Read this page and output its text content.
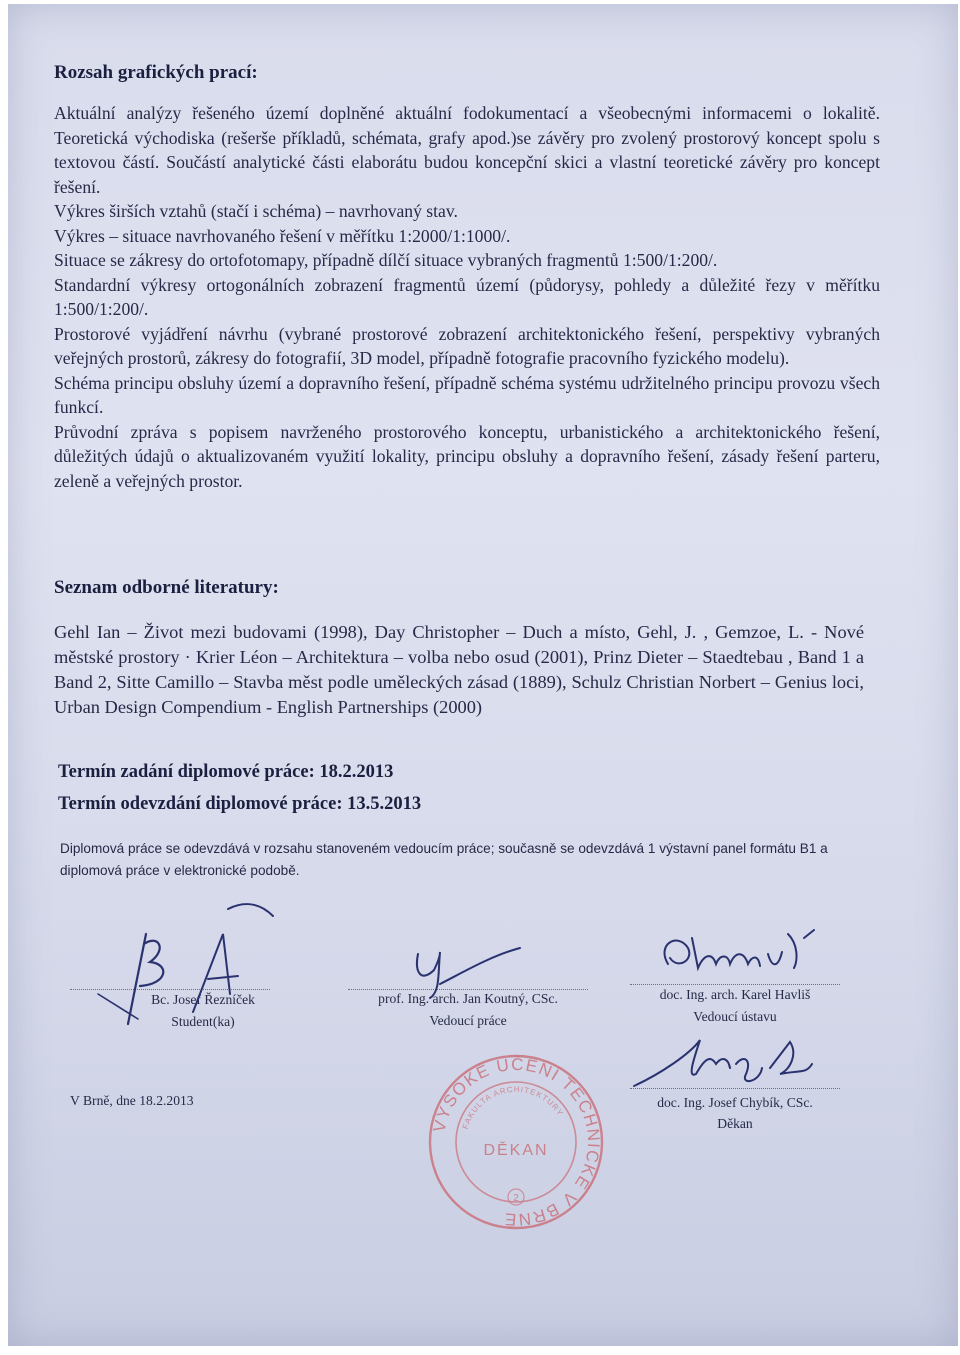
Rozsah grafických prací:

Aktuální analýzy řešeného území doplněné aktuální fodokumentací a všeobecnými informacemi o lokalitě. Teoretická východiska (rešerše příkladů, schémata, grafy apod.)se závěry pro zvolený prostorový koncept spolu s textovou částí. Součástí analytické části elaborátu budou koncepční skici a vlastní teoretické závěry pro koncept řešení.

Výkres širších vztahů (stačí i schéma) – navrhovaný stav.

Výkres – situace navrhovaného řešení v měřítku 1:2000/1:1000/.

Situace se zákresy do ortofotomapy, případně dílčí situace vybraných fragmentů 1:500/1:200/.

Standardní výkresy ortogonálních zobrazení fragmentů území (půdorysy, pohledy a důležité řezy v měřítku 1:500/1:200/.

Prostorové vyjádření návrhu (vybrané prostorové zobrazení architektonického řešení, perspektivy vybraných veřejných prostorů, zákresy do fotografií, 3D model, případně fotografie pracovního fyzického modelu).

Schéma principu obsluhy území a dopravního řešení, případně schéma systému udržitelného principu provozu všech funkcí.

Průvodní zpráva s popisem navrženého prostorového konceptu, urbanistického a architektonického řešení, důležitých údajů o aktualizovaném využití lokality, principu obsluhy a dopravního řešení, zásady řešení parteru, zeleně a veřejných prostor.

Seznam odborné literatury:

Gehl Ian – Život mezi budovami (1998), Day Christopher – Duch a místo, Gehl, J. , Gemzoe, L. - Nové městské prostory · Krier Léon – Architektura – volba nebo osud (2001), Prinz Dieter – Staedtebau , Band 1 a Band 2, Sitte Camillo – Stavba měst podle uměleckých zásad (1889), Schulz Christian Norbert – Genius loci, Urban Design Compendium - English Partnerships (2000)

Termín zadání diplomové práce: 18.2.2013

Termín odevzdání diplomové práce: 13.5.2013

Diplomová práce se odevzdává v rozsahu stanoveném vedoucím práce; současně se odevzdává 1 výstavní panel formátu B1 a diplomová práce v elektronické podobě.

Bc. Josef Řezníček
Student(ka)
prof. Ing. arch. Jan Koutný, CSc.
Vedoucí práce
doc. Ing. arch. Karel Havliš
Vedoucí ústavu
doc. Ing. Josef Chybík, CSc.
Děkan
V Brně, dne 18.2.2013
VYSOKÉ UČENÍ TECHNICKÉ V BRNĚ
FAKULTA ARCHITEKTURY
DĚKAN
2
